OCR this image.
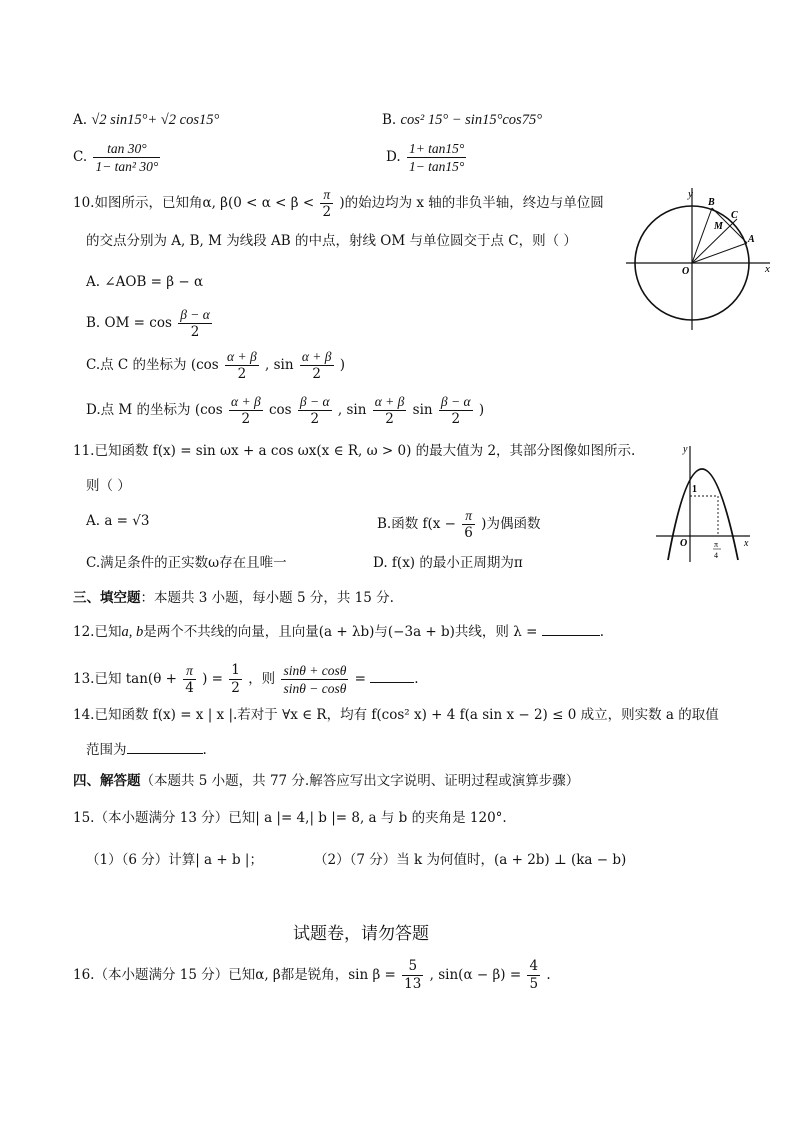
A. √2 sin15°+ √2 cos15°	B. cos² 15° − sin15°cos75°
C. $\frac{\tan 30^\circ}{\text{1− tan² 30°}}$	D. $\frac{1+ \tan 15^\circ}{1- \tan 15^\circ}$
10.如图所示，已知角α, $\beta(0 < \alpha < \beta < \frac{\pi}{2}$ )的始边均为 x 轴的非负半轴，终边与单位圆
的交点分别为 A, B, M 为线段 AB 的中点，射线 OM 与单位圆交于点 C，则（ ）
A. ∠AOB = β − α
B. OM = $\cos \frac{\beta - \alpha}{2}$
C.点 C 的坐标为 ($\cos \frac{\alpha + \beta}{2}$ , $\sin \frac{\alpha + \beta}{2}$ )
D.点 M 的坐标为 ($\cos \frac{\alpha + \beta}{2}$ $\cos \frac{\beta - \alpha}{2}$ , $\sin \frac{\alpha + \beta}{2}$ $\sin \frac{\beta - \alpha}{2}$ )
y
x
O
B
C
M
A
11.已知函数 f(x) = sin ωx + a cos ωx(x ∈ R, ω > 0) 的最大值为 2，其部分图像如图所示.
则（ ）
A. a = √3	B.函数 $f(x - \frac{\pi}{6}$ )为偶函数
C.满足条件的正实数ω存在且唯一	D. f(x) 的最小正周期为π
y
x
O
1
π
4
三、填空题：本题共 3 小题，每小题 5 分，共 15 分.
12.已知a, b是两个不共线的向量，且向量(a + λb)与(−3a + b)共线，则 λ =	.
13.已知 $\tan(\theta + \frac{\pi}{4}$ ) = $\frac{1}{2}$ ，则 $\frac{\sin\theta + \cos\theta}{\sin\theta - \cos\theta}$ =	.
14.已知函数 f(x) = x | x |.若对于 ∀x ∈ R，均有 f(cos² x) + 4 f(a sin x − 2) ≤ 0 成立，则实数 a 的取值
范围为	.
四、解答题（本题共 5 小题，共 77 分.解答应写出文字说明、证明过程或演算步骤）
15.（本小题满分 13 分）已知| a |= 4,| b |= 8, a 与 b 的夹角是 120°.
（1）（6 分）计算| a + b |；	（2）（7 分）当 k 为何值时，(a + 2b) ⊥ (ka − b)
试题卷，请勿答题
16.（本小题满分 15 分）已知α, β都是锐角，$\sin \beta = \frac{5}{13}$ , $\sin(\alpha - \beta) = \frac{4}{5}$ .
